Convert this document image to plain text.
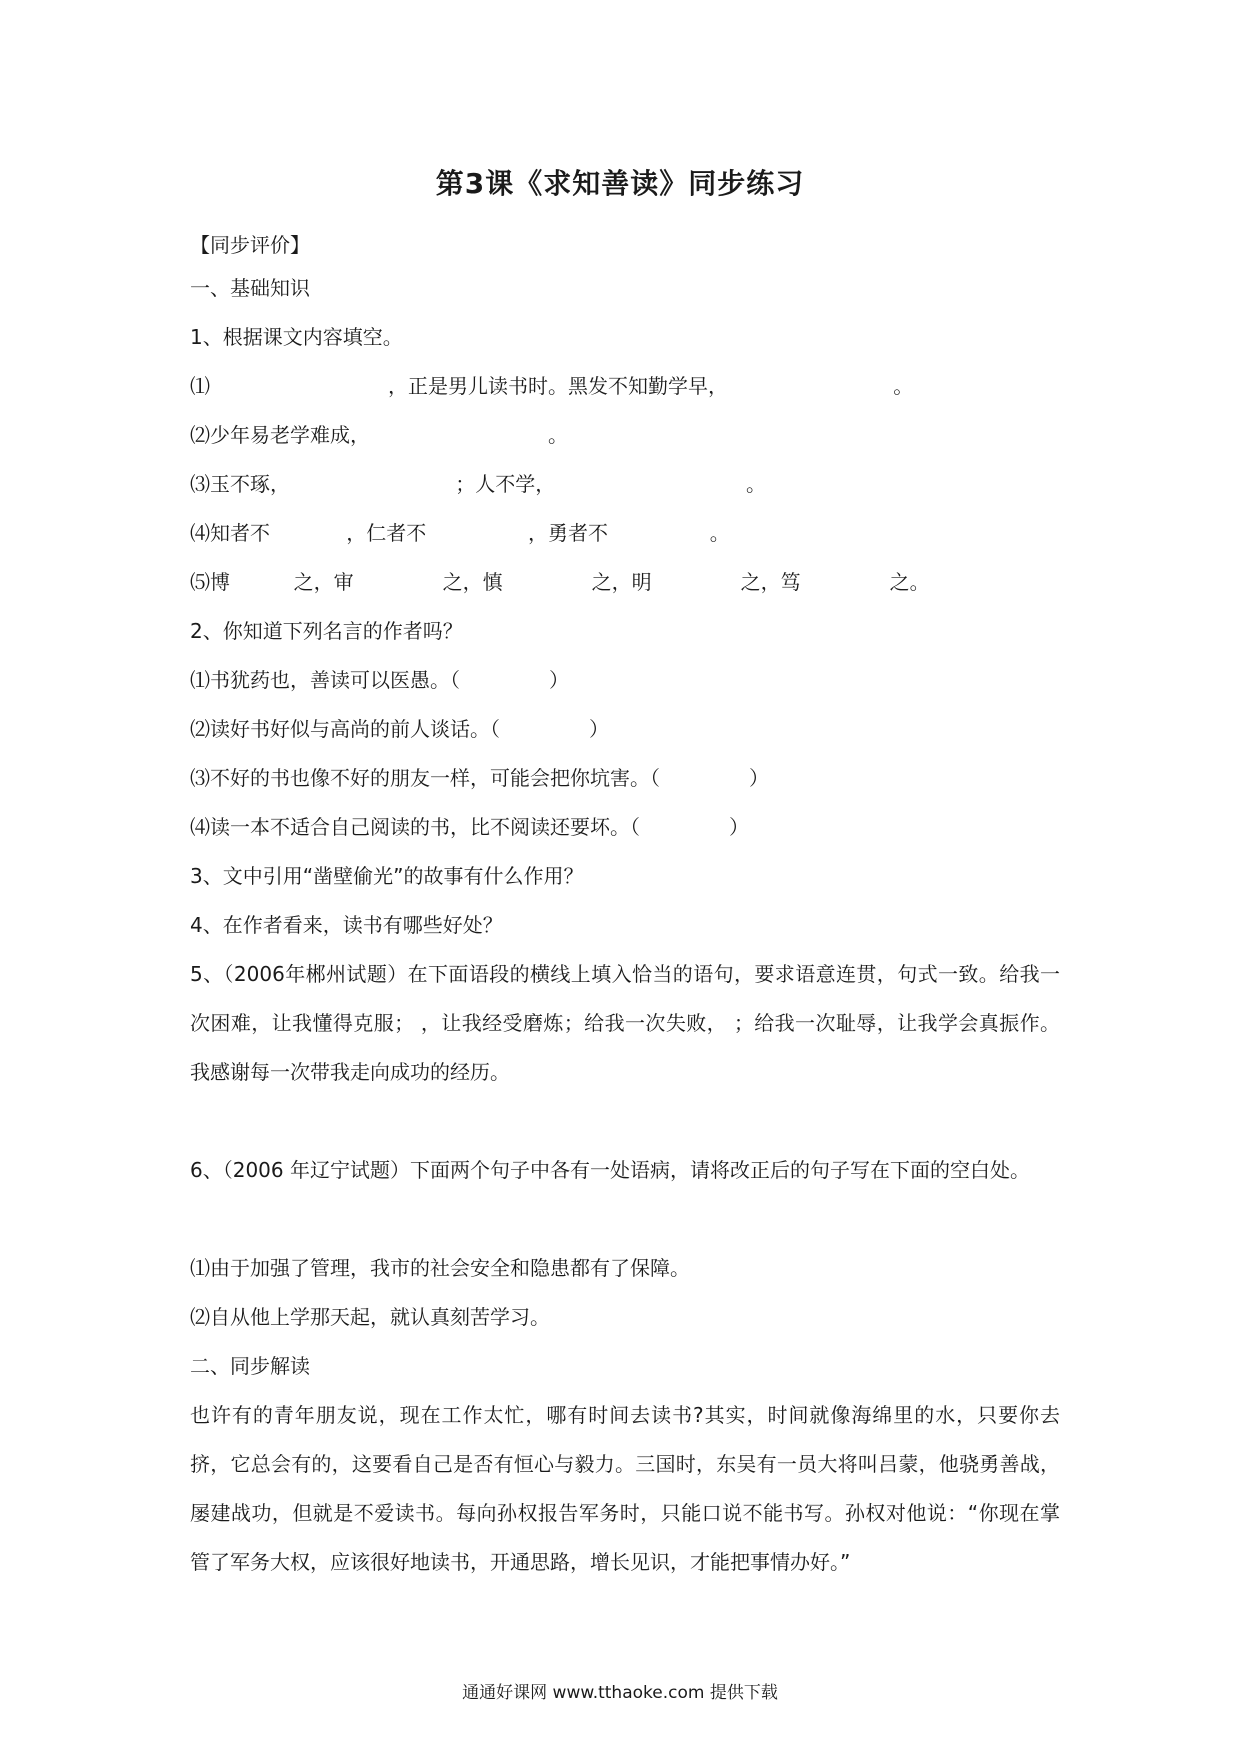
第3课《求知善读》同步练习
【同步评价】
一、基础知识
1、根据课文内容填空。
⑴                            ，正是男儿读书时。黑发不知勤学早，                          。
⑵少年易老学难成，                            。
⑶玉不琢，                          ；人不学，                              。
⑷知者不            ，仁者不                ，勇者不                。
⑸博          之，审              之，慎              之，明              之，笃              之。
2、你知道下列名言的作者吗？
⑴书犹药也，善读可以医愚。（              ）
⑵读好书好似与高尚的前人谈话。（              ）
⑶不好的书也像不好的朋友一样，可能会把你坑害。（              ）
⑷读一本不适合自己阅读的书，比不阅读还要坏。（              ）
3、文中引用“凿壁偷光”的故事有什么作用？
4、在作者看来，读书有哪些好处？
5、（2006年郴州试题）在下面语段的横线上填入恰当的语句，要求语意连贯，句式一致。给我一次困难，让我懂得克服； ，让我经受磨炼；给我一次失败， ；给我一次耻辱，让我学会真振作。我感谢每一次带我走向成功的经历。
6、（2006 年辽宁试题）下面两个句子中各有一处语病，请将改正后的句子写在下面的空白处。
⑴由于加强了管理，我市的社会安全和隐患都有了保障。
⑵自从他上学那天起，就认真刻苦学习。
二、同步解读
也许有的青年朋友说，现在工作太忙，哪有时间去读书?其实，时间就像海绵里的水，只要你去挤，它总会有的，这要看自己是否有恒心与毅力。三国时，东吴有一员大将叫吕蒙，他骁勇善战，屡建战功，但就是不爱读书。每向孙权报告军务时，只能口说不能书写。孙权对他说：“你现在掌管了军务大权，应该很好地读书，开通思路，增长见识，才能把事情办好。”
通通好课网 www.tthaoke.com 提供下载
